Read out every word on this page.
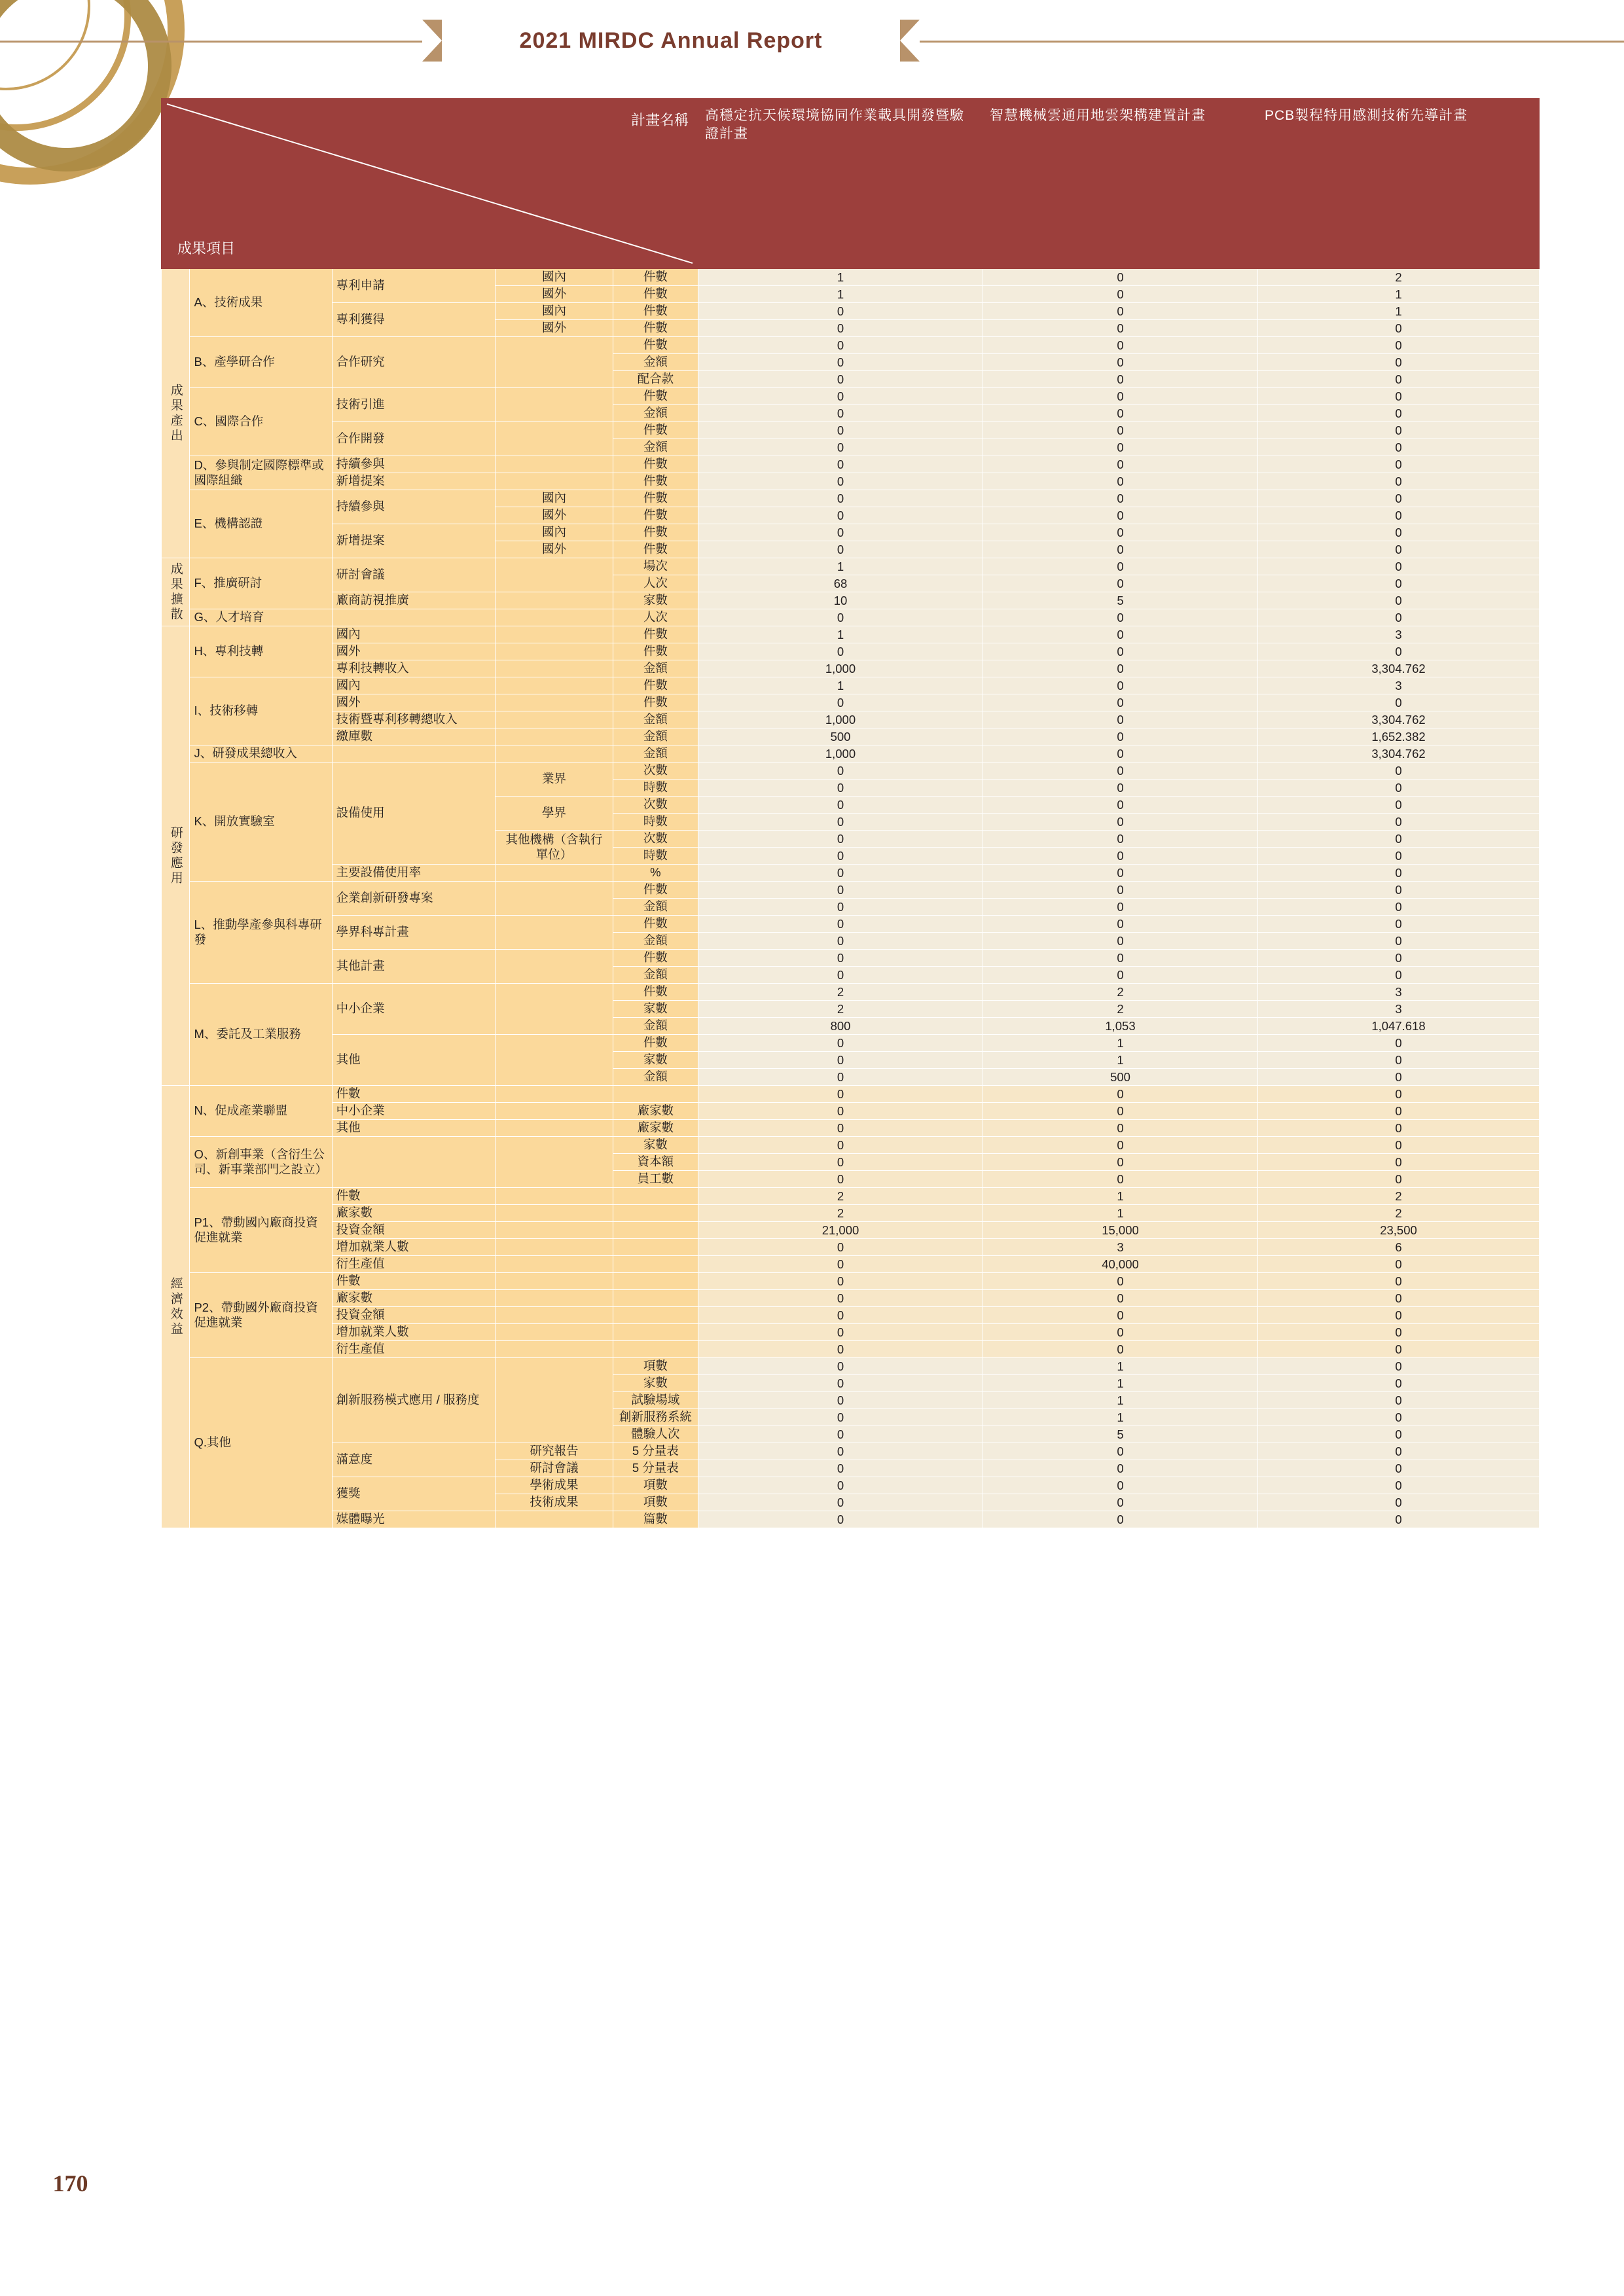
2021 MIRDC Annual Report
170
計畫名稱
成果項目					高穩定抗天候環境協同作業載具開發暨驗證計畫	智慧機械雲通用地雲架構建置計畫	PCB製程特用感測技術先導計畫
成果產出	A、技術成果	專利申請	國內	件數	1	0	2
			國外	件數	1	0	1
		專利獲得	國內	件數	0	0	1
			國外	件數	0	0	0
	B、產學研合作	合作研究		件數	0	0	0
				金額	0	0	0
				配合款	0	0	0
	C、國際合作	技術引進		件數	0	0	0
				金額	0	0	0
		合作開發		件數	0	0	0
				金額	0	0	0
	D、參與制定國際標準或國際組織	持續參與		件數	0	0	0
		新增提案		件數	0	0	0
	E、機構認證	持續參與	國內	件數	0	0	0
			國外	件數	0	0	0
		新增提案	國內	件數	0	0	0
			國外	件數	0	0	0
成果擴散	F、推廣研討	研討會議		場次	1	0	0
				人次	68	0	0
		廠商訪視推廣		家數	10	5	0
	G、人才培育			人次	0	0	0
研發應用	H、專利技轉	國內		件數	1	0	3
		國外		件數	0	0	0
		專利技轉收入		金額	1,000	0	3,304.762
	I、技術移轉	國內		件數	1	0	3
		國外		件數	0	0	0
		技術暨專利移轉總收入		金額	1,000	0	3,304.762
		繳庫數		金額	500	0	1,652.382
	J、研發成果總收入			金額	1,000	0	3,304.762
	K、開放實驗室	設備使用	業界	次數	0	0	0
				時數	0	0	0
			學界	次數	0	0	0
				時數	0	0	0
			其他機構（含執行單位）	次數	0	0	0
				時數	0	0	0
		主要設備使用率		%	0	0	0
	L、推動學產參與科專研發	企業創新研發專案		件數	0	0	0
				金額	0	0	0
		學界科專計畫		件數	0	0	0
				金額	0	0	0
		其他計畫		件數	0	0	0
				金額	0	0	0
	M、委託及工業服務	中小企業		件數	2	2	3
				家數	2	2	3
				金額	800	1,053	1,047.618
		其他		件數	0	1	0
				家數	0	1	0
				金額	0	500	0
經濟效益	N、促成產業聯盟	件數			0	0	0
		中小企業		廠家數	0	0	0
		其他		廠家數	0	0	0
	O、新創事業（含衍生公司、新事業部門之設立）			家數	0	0	0
				資本額	0	0	0
				員工數	0	0	0
	P1、帶動國內廠商投資促進就業	件數			2	1	2
		廠家數			2	1	2
		投資金額			21,000	15,000	23,500
		增加就業人數			0	3	6
		衍生產值			0	40,000	0
	P2、帶動國外廠商投資促進就業	件數			0	0	0
		廠家數			0	0	0
		投資金額			0	0	0
		增加就業人數			0	0	0
		衍生產值			0	0	0
	Q.其他	創新服務模式應用 / 服務度		項數	0	1	0
				家數	0	1	0
				試驗場域	0	1	0
				創新服務系統	0	1	0
				體驗人次	0	5	0
		滿意度	研究報告	5 分量表	0	0	0
			研討會議	5 分量表	0	0	0
		獲獎	學術成果	項數	0	0	0
			技術成果	項數	0	0	0
		媒體曝光		篇數	0	0	0
